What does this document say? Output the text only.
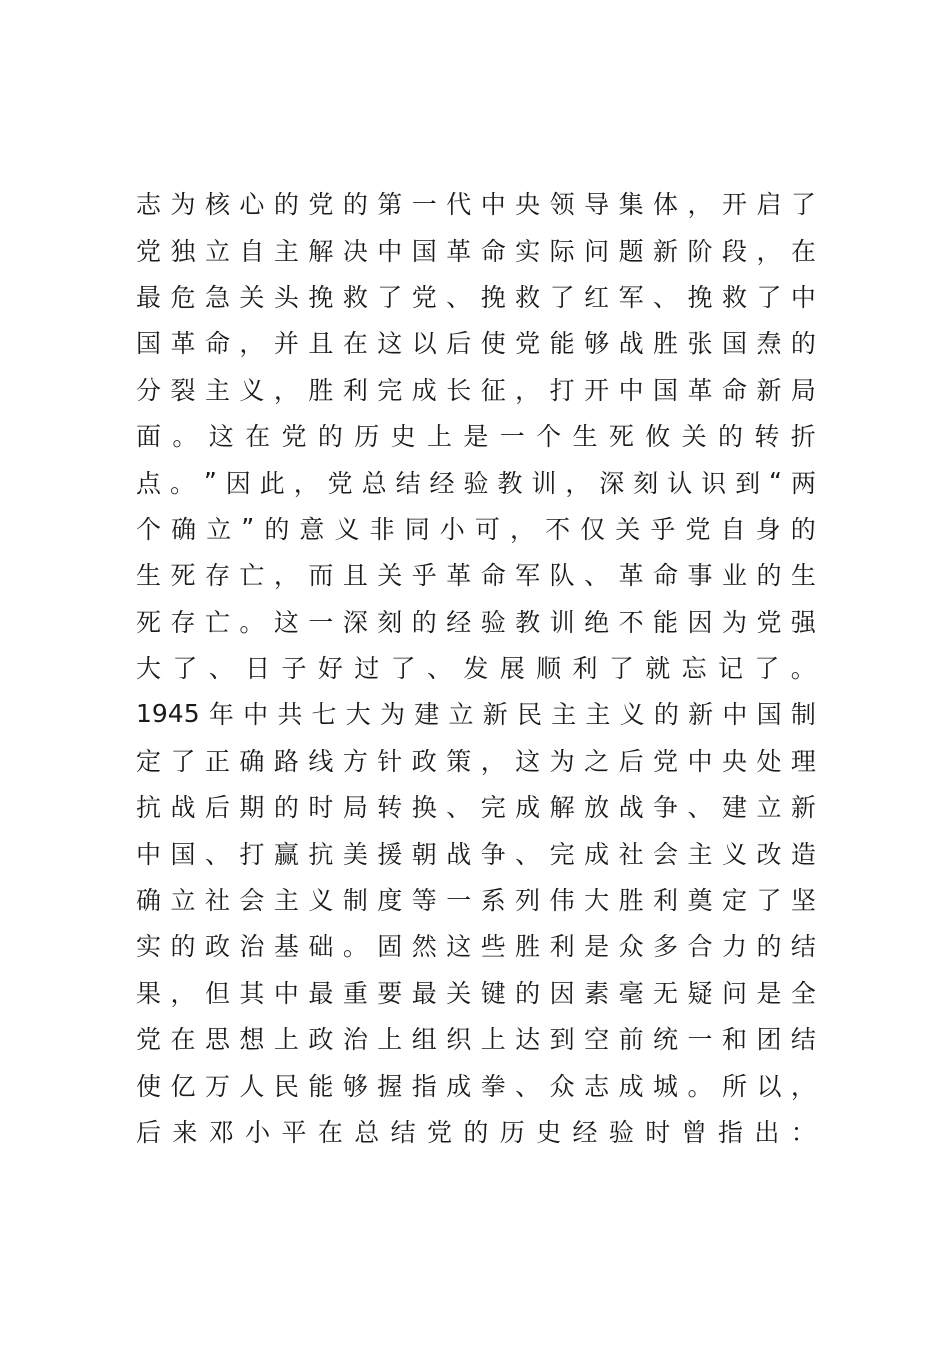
志 为 核 心 的 党 的 第 一 代 中 央 领 导 集 体 ， 开 启 了
党 独 立 自 主 解 决 中 国 革 命 实 际 问 题 新 阶 段 ， 在
最 危 急 关 头 挽 救 了 党 、 挽 救 了 红 军 、 挽 救 了 中
国 革 命 ， 并 且 在 这 以 后 使 党 能 够 战 胜 张 国 焘 的
分 裂 主 义 ， 胜 利 完 成 长 征 ， 打 开 中 国 革 命 新 局
面 。 这 在 党 的 历 史 上 是 一 个 生 死 攸 关 的 转 折
点 。 ” 因 此 ， 党 总 结 经 验 教 训 ， 深 刻 认 识 到 “ 两
个 确 立 ” 的 意 义 非 同 小 可 ， 不 仅 关 乎 党 自 身 的
生 死 存 亡 ， 而 且 关 乎 革 命 军 队 、 革 命 事 业 的 生
死 存 亡 。 这 一 深 刻 的 经 验 教 训 绝 不 能 因 为 党 强
大 了 、 日 子 好 过 了 、 发 展 顺 利 了 就 忘 记 了 。
1945 年 中 共 七 大 为 建 立 新 民 主 主 义 的 新 中 国 制
定 了 正 确 路 线 方 针 政 策 ， 这 为 之 后 党 中 央 处 理
抗 战 后 期 的 时 局 转 换 、 完 成 解 放 战 争 、 建 立 新
中 国 、 打 赢 抗 美 援 朝 战 争 、 完 成 社 会 主 义 改 造
确 立 社 会 主 义 制 度 等 一 系 列 伟 大 胜 利 奠 定 了 坚
实 的 政 治 基 础 。 固 然 这 些 胜 利 是 众 多 合 力 的 结
果 ， 但 其 中 最 重 要 最 关 键 的 因 素 毫 无 疑 问 是 全
党 在 思 想 上 政 治 上 组 织 上 达 到 空 前 统 一 和 团 结
使 亿 万 人 民 能 够 握 指 成 拳 、 众 志 成 城 。 所 以 ，
后 来 邓 小 平 在 总 结 党 的 历 史 经 验 时 曾 指 出 ：
